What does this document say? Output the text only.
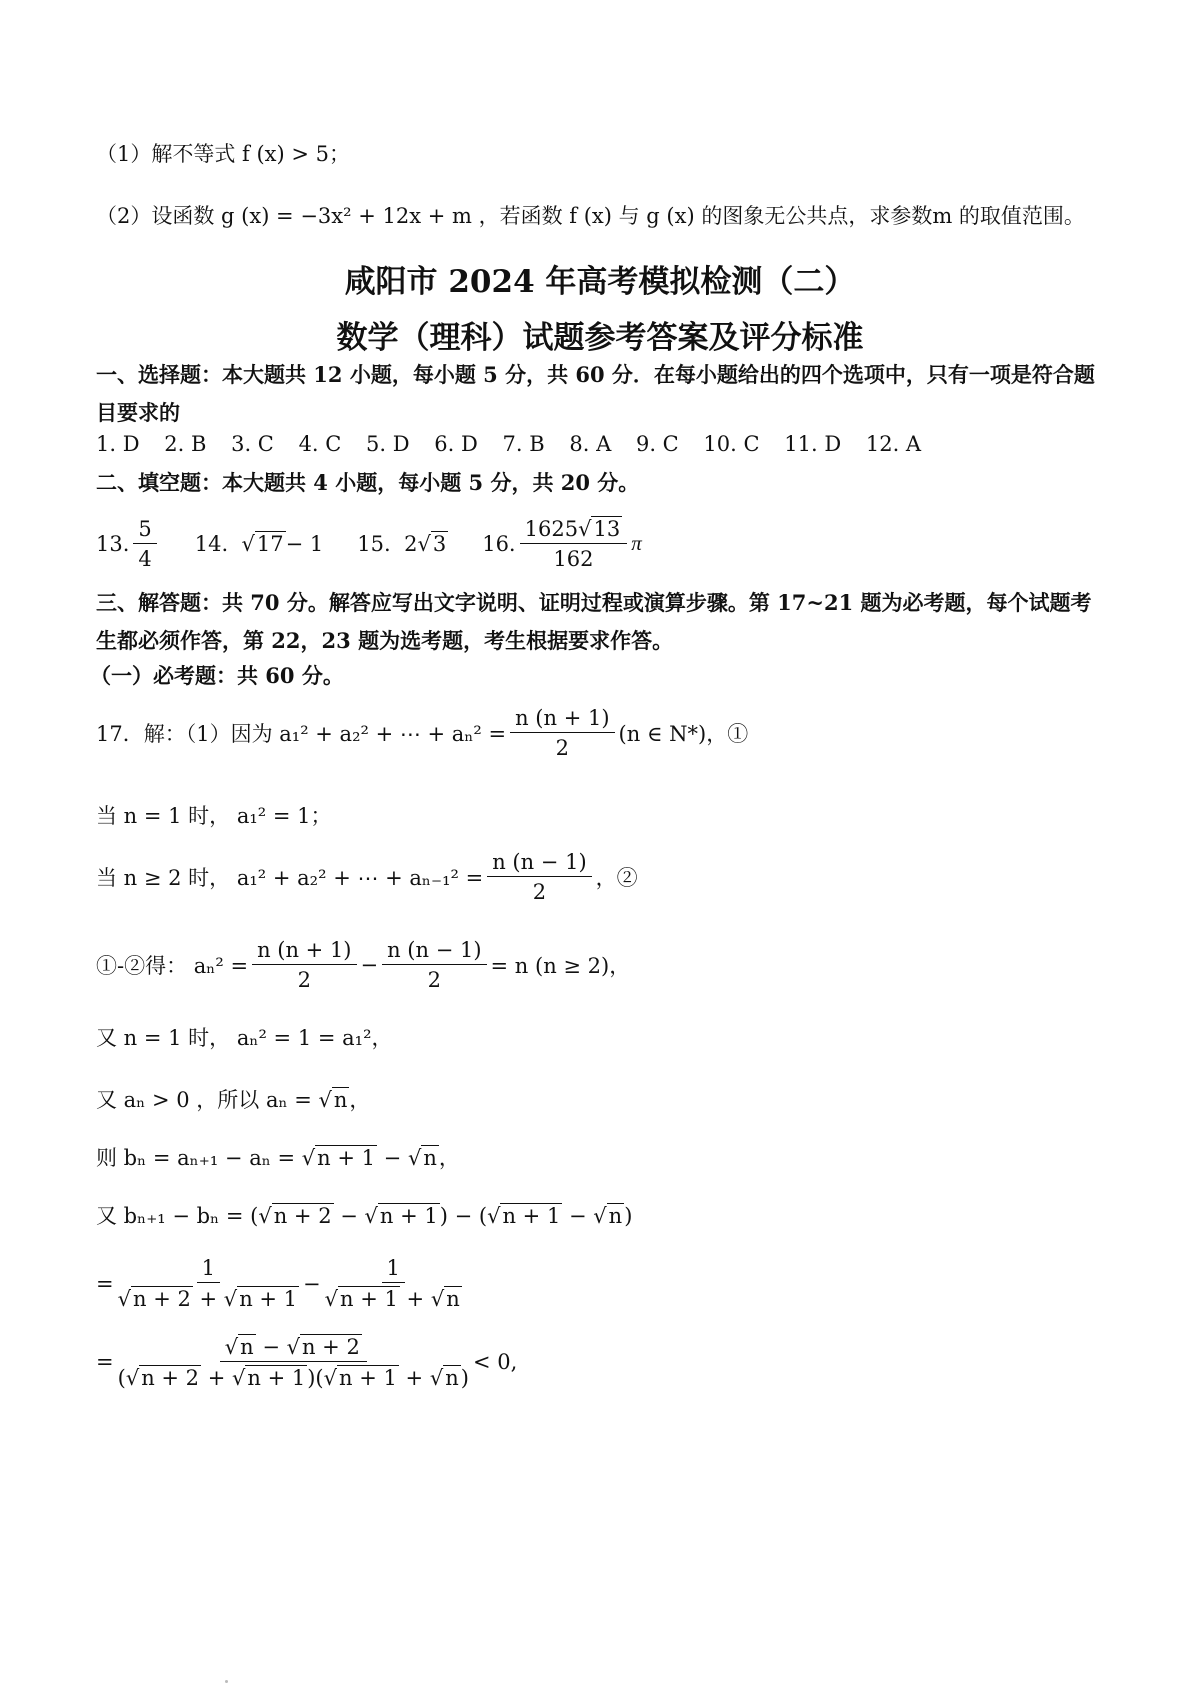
（1）解不等式 f (x) > 5；
（2）设函数 g (x) = −3x² + 12x + m ，若函数 f (x) 与 g (x) 的图象无公共点，求参数m 的取值范围。
咸阳市 2024 年高考模拟检测（二）
数学（理科）试题参考答案及评分标准
一、选择题：本大题共 12 小题，每小题 5 分，共 60 分．在每小题给出的四个选项中，只有一项是符合题目要求的
1. D 2. B 3. C 4. C 5. D 6. D 7. B 8. A 9. C 10. C 11. D 12. A
二、填空题：本大题共 4 小题，每小题 5 分，共 20 分。
13. $\frac{5}{4} 14$. √ 17 − 1 15.
2 √ 3 16. $\frac{1625√13}{162}$ π
三、解答题：共 70 分。解答应写出文字说明、证明过程或演算步骤。第 17~21 题为必考题，每个试题考生都必须作答，第 22，23 题为选考题，考生根据要求作答。
（一）必考题：共 60 分。
17．解：（1）因为 a₁² + a₂² + ⋯ + $a_n^2 = \frac{n (n + 1)}{2} (n$ ∈ N*)，①
当 n = 1 时， a₁² = 1；
当 n ≥ 2 时， a₁² + a₂² + ⋯ + $a_{n-1}^2 = \frac{n (n - 1)}{2}$ ，②
①-②得： $a_n^2 = \frac{n (n + 1)}{2} - \frac{n (n - 1)}{2} = n$ (n ≥ 2)，
又 n = 1 时， aₙ² = 1 = a₁²，
又 aₙ > 0 ，所以 aₙ = √n，
则 bₙ = aₙ₊₁ − aₙ = √n + 1 − √n，
又 bₙ₊₁ − bₙ = (√n + 2 − √n + 1) − (√n + 1 − √n)
= $\frac{1}{√n + 2 + √n + 1} - \frac{1}{√n + 1 + √n}$
= $\frac{√n - √n + 2}{(√n + 2 + √n + 1)(√n + 1 + √n)} < 0$,
